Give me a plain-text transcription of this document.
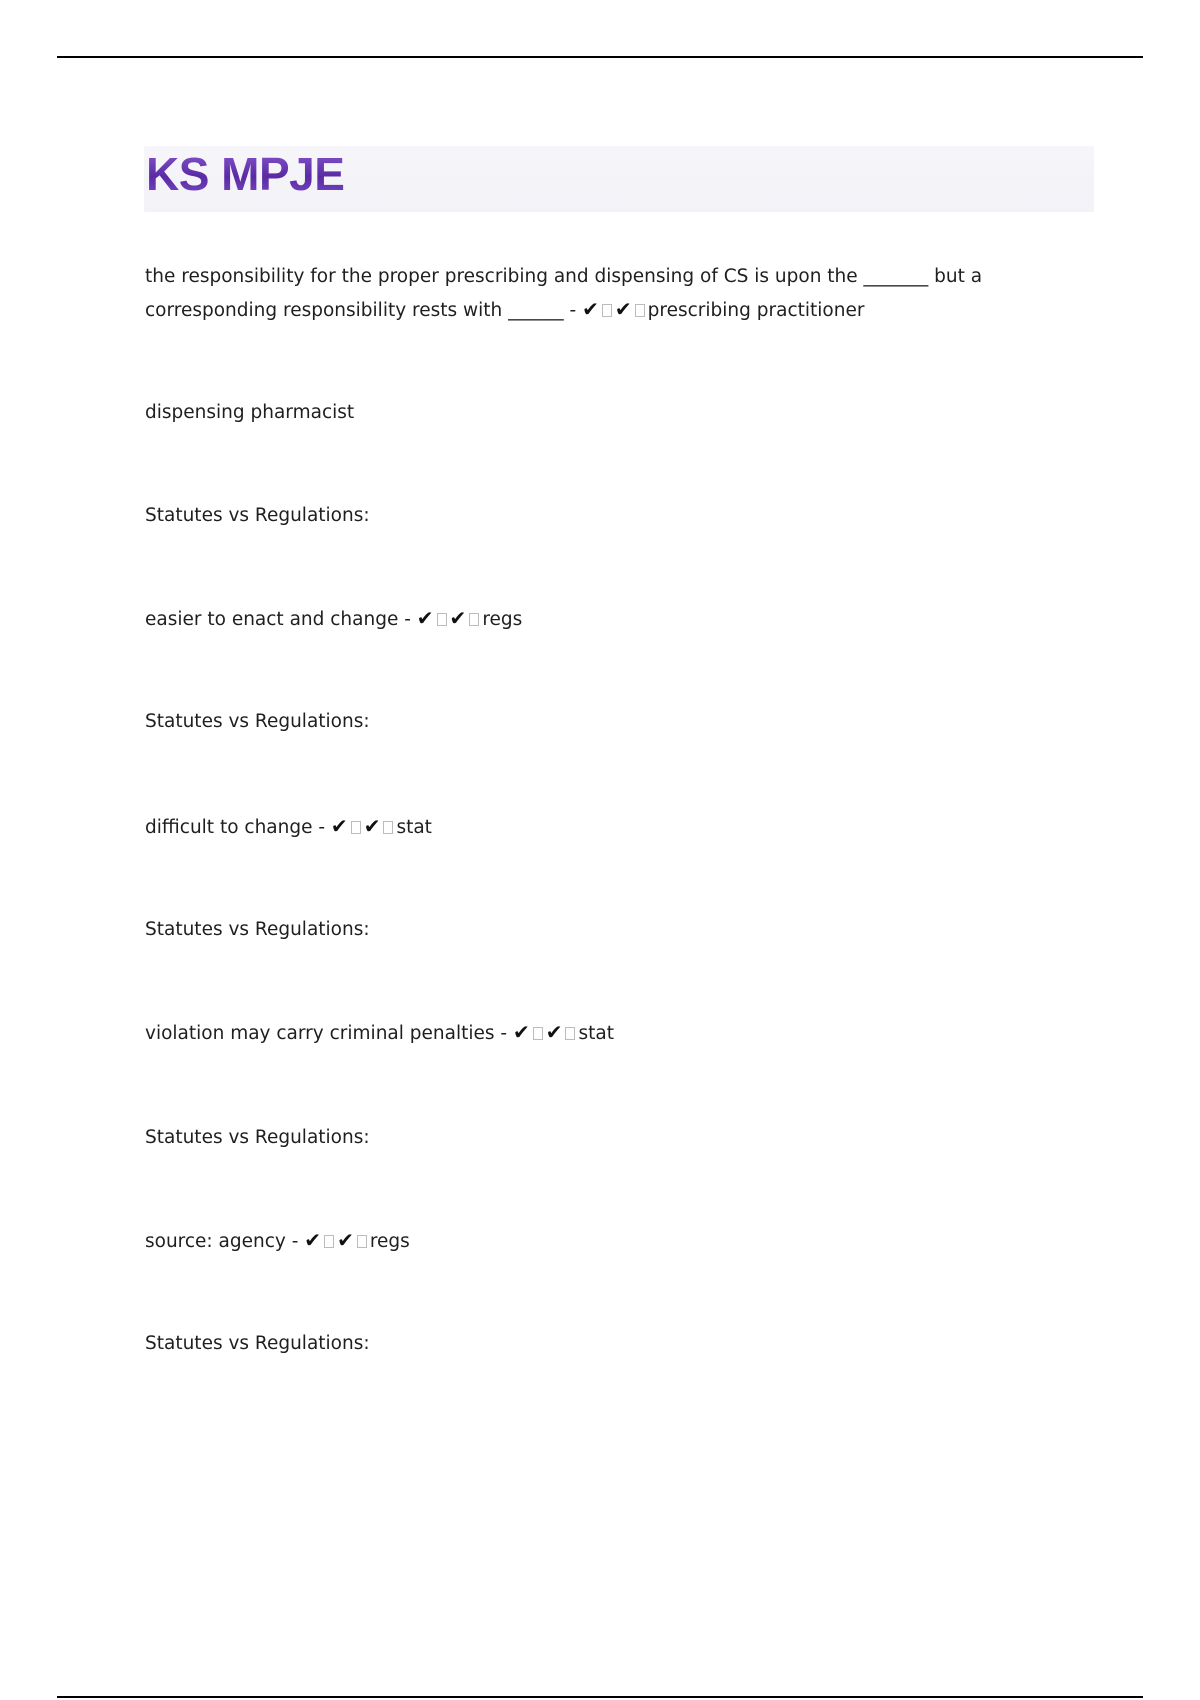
KS MPJE
the responsibility for the proper prescribing and dispensing of CS is upon the _______ but a corresponding responsibility rests with ______ - ✔ ✔ prescribing practitioner
dispensing pharmacist
Statutes vs Regulations:
easier to enact and change - ✔ ✔ regs
Statutes vs Regulations:
difficult to change - ✔ ✔ stat
Statutes vs Regulations:
violation may carry criminal penalties - ✔ ✔ stat
Statutes vs Regulations:
source: agency - ✔ ✔ regs
Statutes vs Regulations:
